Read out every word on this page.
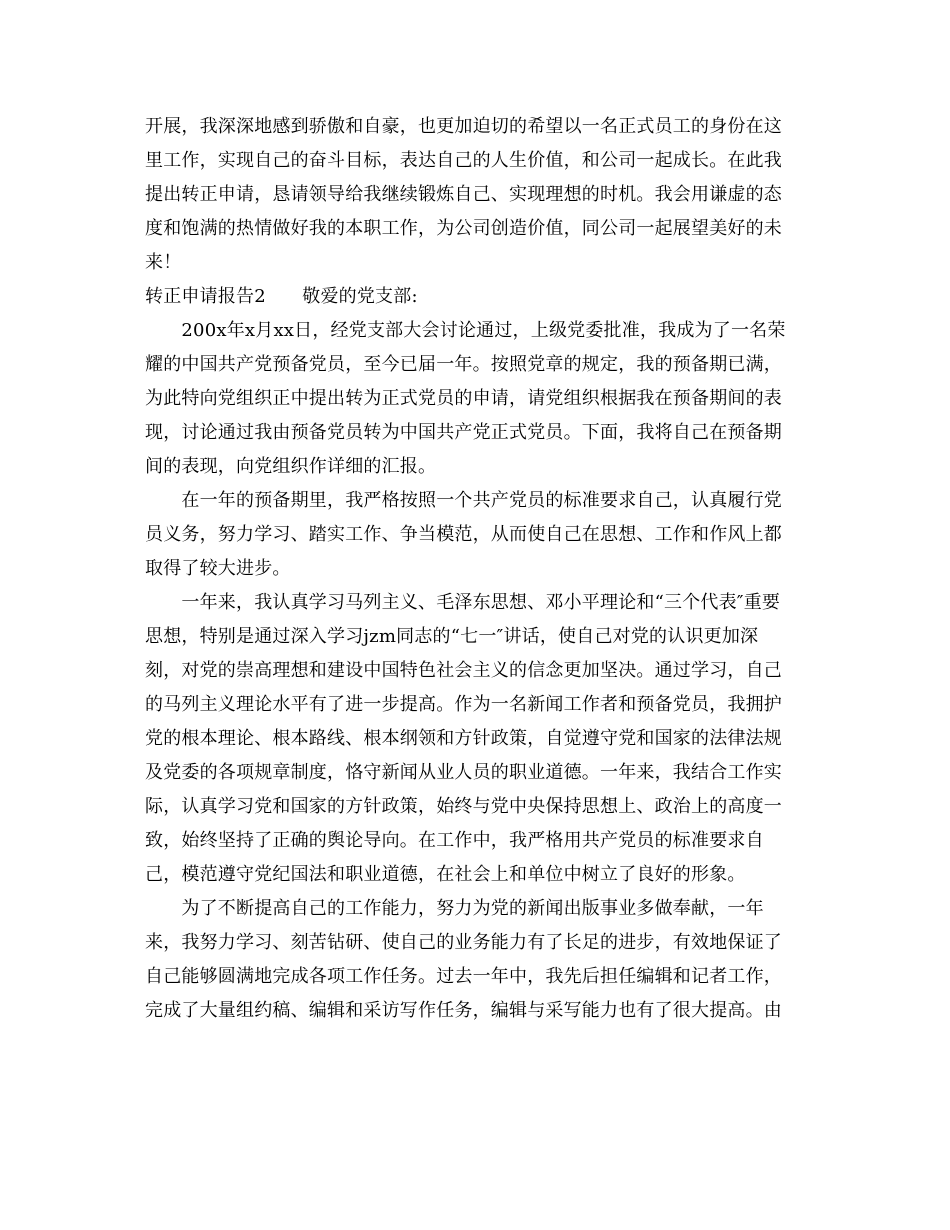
开展，我深深地感到骄傲和自豪，也更加迫切的希望以一名正式员工的身份在这
里工作，实现自己的奋斗目标，表达自己的人生价值，和公司一起成长。在此我
提出转正申请，恳请领导给我继续锻炼自己、实现理想的时机。我会用谦虚的态
度和饱满的热情做好我的本职工作，为公司创造价值，同公司一起展望美好的未
来！
转正申请报告2　　敬爱的党支部:
　　200x年x月xx日，经党支部大会讨论通过，上级党委批准，我成为了一名荣
耀的中国共产党预备党员，至今已届一年。按照党章的规定，我的预备期已满，
为此特向党组织正中提出转为正式党员的申请，请党组织根据我在预备期间的表
现，讨论通过我由预备党员转为中国共产党正式党员。下面，我将自己在预备期
间的表现，向党组织作详细的汇报。
　　在一年的预备期里，我严格按照一个共产党员的标准要求自己，认真履行党
员义务，努力学习、踏实工作、争当模范，从而使自己在思想、工作和作风上都
取得了较大进步。
　　一年来，我认真学习马列主义、毛泽东思想、邓小平理论和“三个代表″重要
思想，特别是通过深入学习jzm同志的“七一″讲话，使自己对党的认识更加深
刻，对党的崇高理想和建设中国特色社会主义的信念更加坚决。通过学习，自己
的马列主义理论水平有了进一步提高。作为一名新闻工作者和预备党员，我拥护
党的根本理论、根本路线、根本纲领和方针政策，自觉遵守党和国家的法律法规
及党委的各项规章制度，恪守新闻从业人员的职业道德。一年来，我结合工作实
际，认真学习党和国家的方针政策，始终与党中央保持思想上、政治上的高度一
致，始终坚持了正确的舆论导向。在工作中，我严格用共产党员的标准要求自
己，模范遵守党纪国法和职业道德，在社会上和单位中树立了良好的形象。
　　为了不断提高自己的工作能力，努力为党的新闻出版事业多做奉献，一年
来，我努力学习、刻苦钻研、使自己的业务能力有了长足的进步，有效地保证了
自己能够圆满地完成各项工作任务。过去一年中，我先后担任编辑和记者工作，
完成了大量组约稿、编辑和采访写作任务，编辑与采写能力也有了很大提高。由
